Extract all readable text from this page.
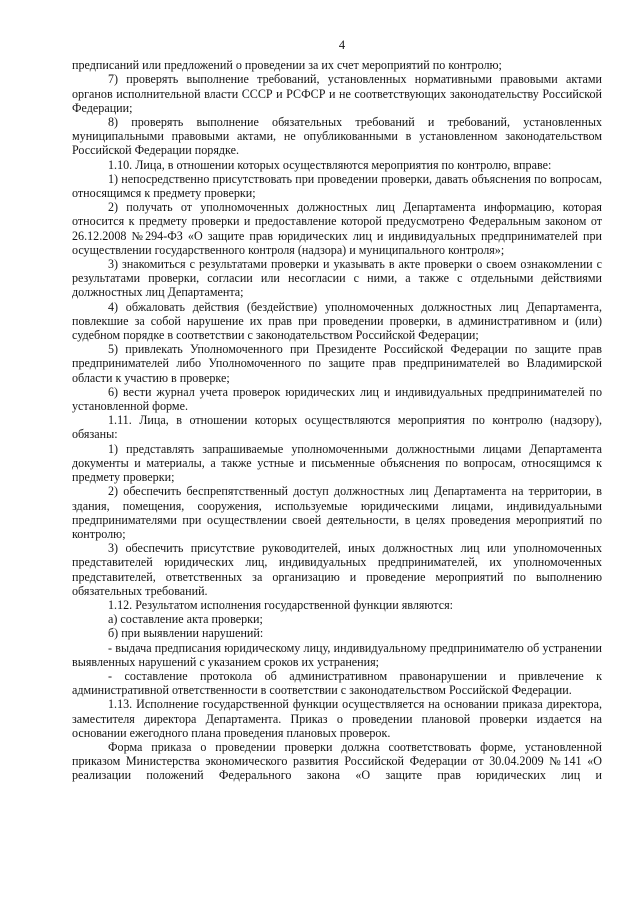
4

предписаний или предложений о проведении за их счет мероприятий по контролю;

7) проверять выполнение требований, установленных нормативными правовыми актами органов исполнительной власти СССР и РСФСР и не соответствующих законодательству Российской Федерации;

8) проверять выполнение обязательных требований и требований, установленных муниципальными правовыми актами, не опубликованными в установленном законодательством Российской Федерации порядке.

1.10. Лица, в отношении которых осуществляются мероприятия по контролю, вправе:

1) непосредственно присутствовать при проведении проверки, давать объяснения по вопросам, относящимся к предмету проверки;

2) получать от уполномоченных должностных лиц Департамента информацию, которая относится к предмету проверки и предоставление которой предусмотрено Федеральным законом от 26.12.2008 №294-ФЗ «О защите прав юридических лиц и индивидуальных предпринимателей при осуществлении государственного контроля (надзора) и муниципального контроля»;

3) знакомиться с результатами проверки и указывать в акте проверки о своем ознакомлении с результатами проверки, согласии или несогласии с ними, а также с отдельными действиями должностных лиц Департамента;

4) обжаловать действия (бездействие) уполномоченных должностных лиц Департамента, повлекшие за собой нарушение их прав при проведении проверки, в административном и (или) судебном порядке в соответствии с законодательством Российской Федерации;

5) привлекать Уполномоченного при Президенте Российской Федерации по защите прав предпринимателей либо Уполномоченного по защите прав предпринимателей во Владимирской области к участию в проверке;

6) вести журнал учета проверок юридических лиц и индивидуальных предпринимателей по установленной форме.

1.11. Лица, в отношении которых осуществляются мероприятия по контролю (надзору), обязаны:

1) представлять запрашиваемые уполномоченными должностными лицами Департамента документы и материалы, а также устные и письменные объяснения по вопросам, относящимся к предмету проверки;

2) обеспечить беспрепятственный доступ должностных лиц Департамента на территории, в здания, помещения, сооружения, используемые юридическими лицами, индивидуальными предпринимателями при осуществлении своей деятельности, в целях проведения мероприятий по контролю;

3) обеспечить присутствие руководителей, иных должностных лиц или уполномоченных представителей юридических лиц, индивидуальных предпринимателей, их уполномоченных представителей, ответственных за организацию и проведение мероприятий по выполнению обязательных требований.

1.12. Результатом исполнения государственной функции являются:

а) составление акта проверки;

б) при выявлении нарушений:

- выдача предписания юридическому лицу, индивидуальному предпринимателю об устранении выявленных нарушений с указанием сроков их устранения;

- составление протокола об административном правонарушении и привлечение к административной ответственности в соответствии с законодательством Российской Федерации.

1.13. Исполнение государственной функции осуществляется на основании приказа директора, заместителя директора Департамента. Приказ о проведении плановой проверки издается на основании ежегодного плана проведения плановых проверок.

Форма приказа о проведении проверки должна соответствовать форме, установленной приказом Министерства экономического развития Российской Федерации от 30.04.2009 №141 «О реализации положений Федерального закона «О защите прав юридических лиц и
